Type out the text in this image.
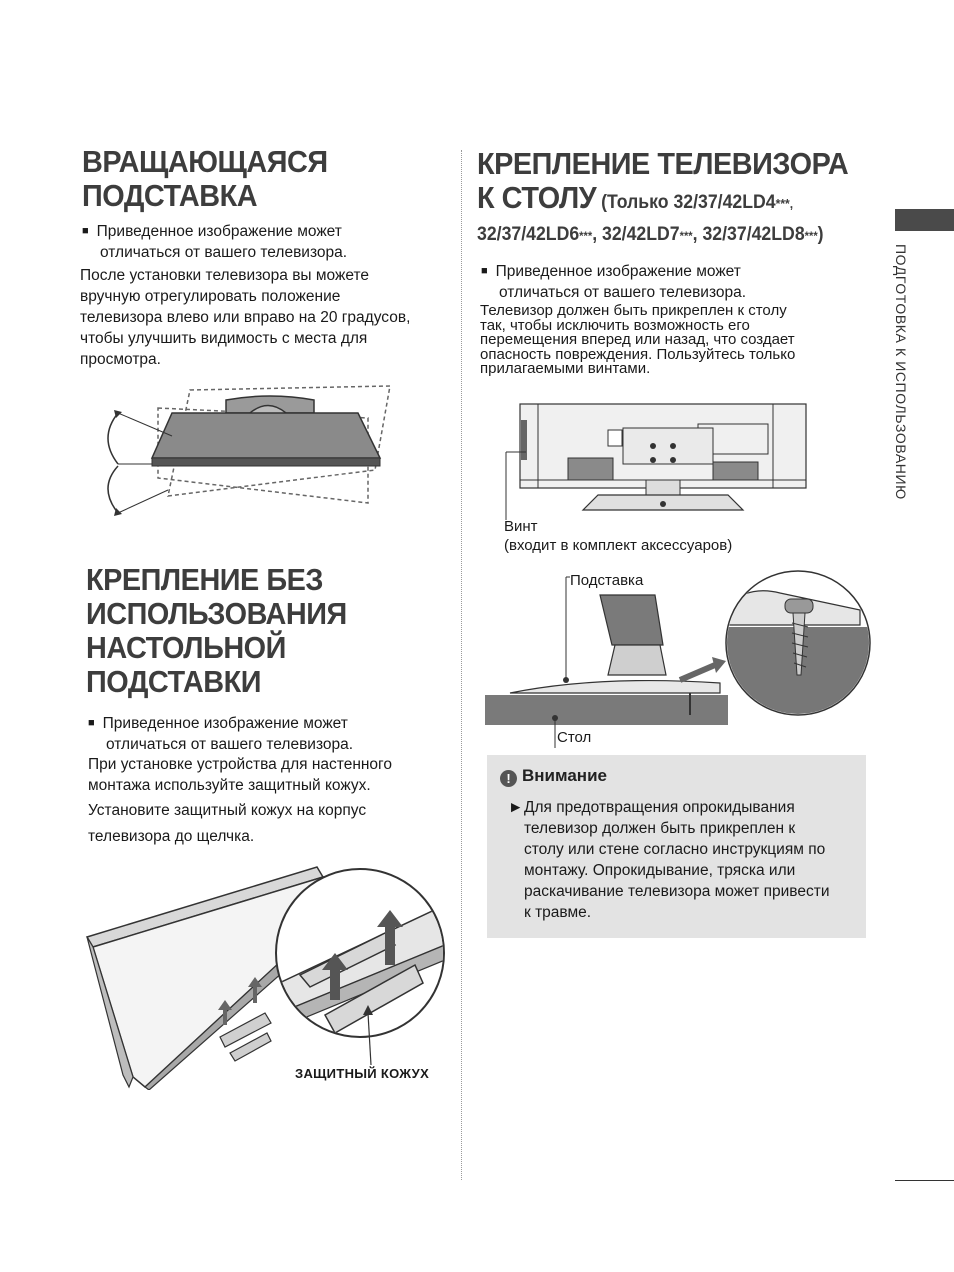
ПОДГОТОВКА К ИСПОЛЬЗОВАНИЮ
ВРАЩАЮЩАЯСЯ
ПОДСТАВКА
■ Приведенное изображение может
отличаться от вашего телевизора.
После установки телевизора вы можете
вручную отрегулировать положение
телевизора влево или вправо на 20 градусов,
чтобы улучшить видимость с места для
просмотра.
КРЕПЛЕНИЕ БЕЗ
ИСПОЛЬЗОВАНИЯ
НАСТОЛЬНОЙ
ПОДСТАВКИ
■ Приведенное изображение может
отличаться от вашего телевизора.
При установке устройства для настенного
монтажа используйте защитный кожух.
Установите защитный кожух на корпус
телевизора до щелчка.
ЗАЩИТНЫЙ КОЖУХ
КРЕПЛЕНИЕ ТЕЛЕВИЗОРА
К СТОЛУ (Только 32/37/42LD4***,
32/37/42LD6***, 32/42LD7***, 32/37/42LD8***)
■ Приведенное изображение может
отличаться от вашего телевизора.
Телевизор должен быть прикреплен к столу
так, чтобы исключить возможность его
перемещения вперед или назад, что создает
опасность повреждения. Пользуйтесь только
прилагаемыми винтами.
Винт
(входит в комплект аксессуаров)
Подставка
Стол
! Внимание
► Для предотвращения опрокидывания
телевизор должен быть прикреплен к
столу или стене согласно инструкциям по
монтажу. Опрокидывание, тряска или
раскачивание телевизора может привести
к травме.
